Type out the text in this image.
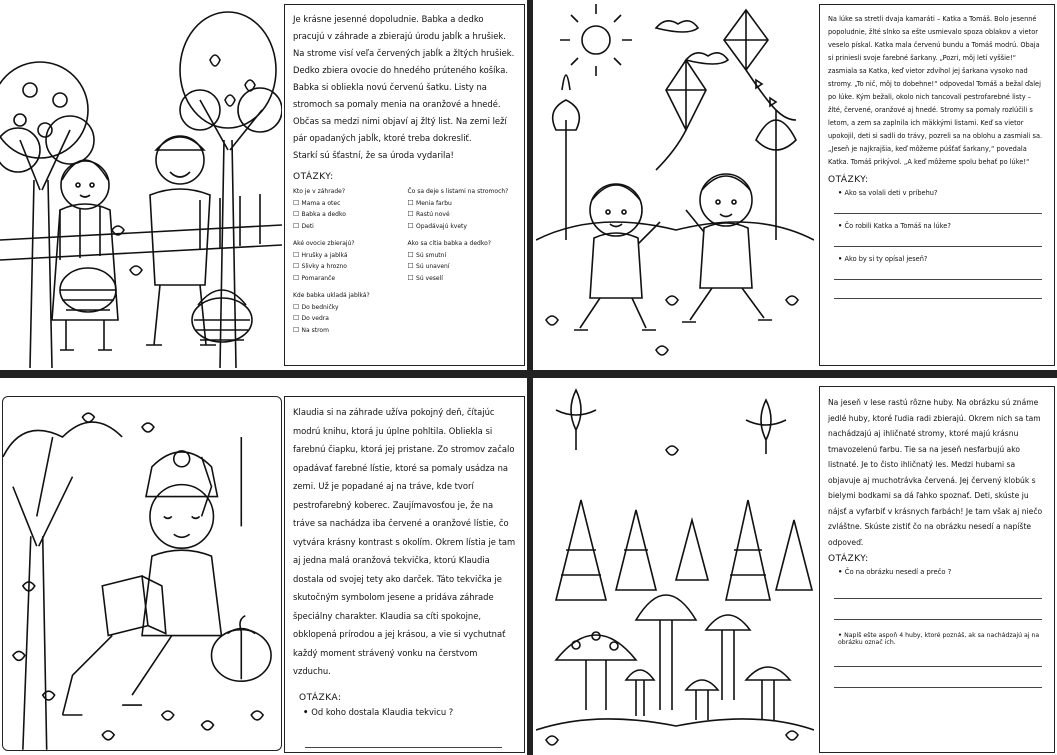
Je krásne jesenné dopoludnie. Babka a dedko pracujú v záhrade a zbierajú úrodu jabĺk a hrušiek. Na strome visí veľa červených jabĺk a žltých hrušiek. Dedko zbiera ovocie do hnedého prúteného košíka. Babka si obliekla novú červenú šatku. Listy na stromoch sa pomaly menia na oranžové a hnedé. Občas sa medzi nimi objaví aj žltý list. Na zemi leží pár opadaných jabĺk, ktoré treba dokresliť.
Starkí sú šťastní, že sa úroda vydarila!
OTÁZKY:
Kto je v záhrade?
☐ Mama a otec
☐ Babka a dedko
☐ Deti
Čo sa deje s listami na stromoch?
☐ Menia farbu
☐ Rastú nové
☐ Opadávajú kvety
Aké ovocie zbierajú?
☐ Hrušky a jablká
☐ Slivky a hrozno
☐ Pomaranče
Ako sa cítia babka a dedko?
☐ Sú smutní
☐ Sú unavení
☐ Sú veselí
Kde babka ukladá jablká?
☐ Do bedničky
☐ Do vedra
☐ Na strom
Na lúke sa stretli dvaja kamaráti – Katka a Tomáš. Bolo jesenné popoludnie, žlté slnko sa ešte usmievalo spoza oblakov a vietor veselo pískal. Katka mala červenú bundu a Tomáš modrú. Obaja si priniesli svoje farebné šarkany. „Pozri, môj letí vyššie!“ zasmiala sa Katka, keď vietor zdvihol jej šarkana vysoko nad stromy. „To nič, môj to dobehne!“ odpovedal Tomáš a bežal ďalej po lúke. Kým bežali, okolo nich tancovali pestrofarebné listy – žlté, červené, oranžové aj hnedé. Stromy sa pomaly rozlúčili s letom, a zem sa zaplnila ich mäkkými listami. Keď sa vietor upokojil, deti si sadli do trávy, pozreli sa na oblohu a zasmiali sa. „Jeseň je najkrajšia, keď môžeme púšťať šarkany,“ povedala Katka. Tomáš prikývol. „A keď môžeme spolu behať po lúke!“
OTÁZKY:
• Ako sa volali deti v príbehu?
• Čo robili Katka a Tomáš na lúke?
• Ako by si ty opísal jeseň?
Klaudia si na záhrade užíva pokojný deň, čítajúc modrú knihu, ktorá ju úplne pohltila. Obliekla si farebnú čiapku, ktorá jej pristane. Zo stromov začalo opadávať farebné lístie, ktoré sa pomaly usádza na zemi. Už je popadané aj na tráve, kde tvorí pestrofarebný koberec. Zaujímavosťou je, že na tráve sa nachádza iba červené a oranžové lístie, čo vytvára krásny kontrast s okolím. Okrem lístia je tam aj jedna malá oranžová tekvička, ktorú Klaudia dostala od svojej tety ako darček. Táto tekvička je skutočným symbolom jesene a pridáva záhrade špeciálny charakter. Klaudia sa cíti spokojne, obklopená prírodou a jej krásou, a vie si vychutnať každý moment strávený vonku na čerstvom vzduchu.
OTÁZKA:
• Od koho dostala Klaudia tekvicu ?
Na jeseň v lese rastú rôzne huby. Na obrázku sú známe jedlé huby, ktoré ľudia radi zbierajú. Okrem nich sa tam nachádzajú aj ihličnaté stromy, ktoré majú krásnu tmavozelenú farbu. Tie sa na jeseň nesfarbujú ako listnaté. Je to čisto ihličnatý les. Medzi hubami sa objavuje aj muchotrávka červená. Jej červený klobúk s bielymi bodkami sa dá ľahko spoznať. Deti, skúste ju nájsť a vyfarbiť v krásnych farbách! Je tam však aj niečo zvláštne. Skúste zistiť čo na obrázku nesedí a napíšte odpoveď.
OTÁZKY:
• Čo na obrázku nesedí a prečo ?
• Napíš ešte aspoň 4 huby, ktoré poznáš, ak sa nachádzajú aj na obrázku označ ich.
